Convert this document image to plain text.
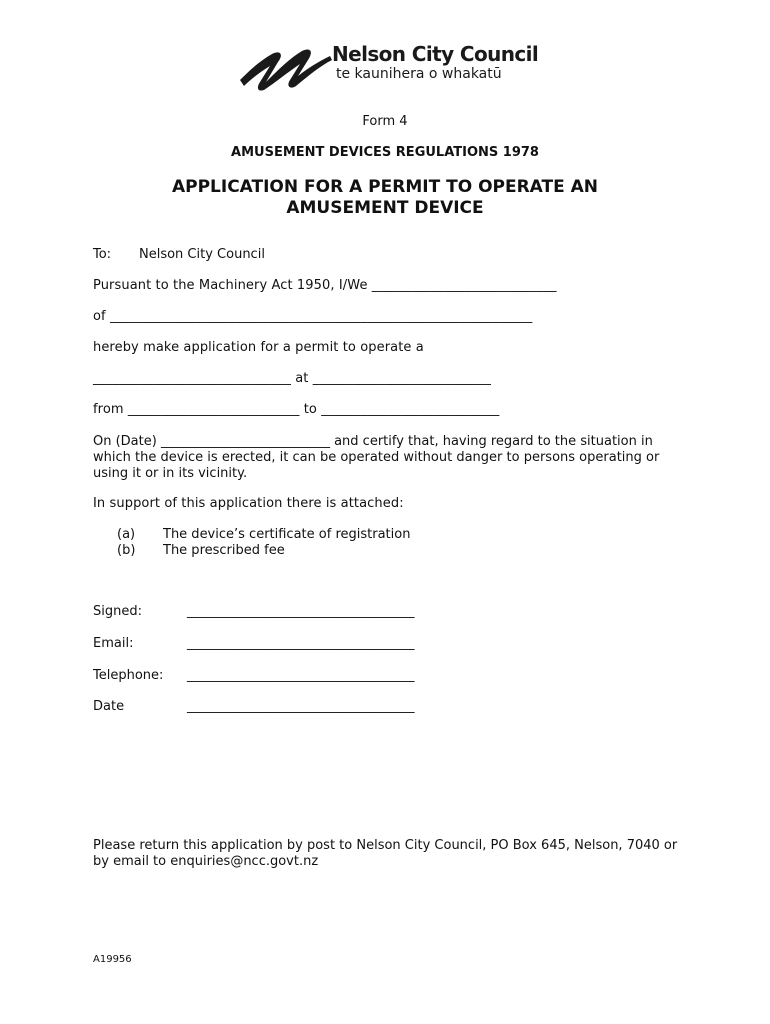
Nelson City Council
te kaunihera o whakatū
Form 4
AMUSEMENT DEVICES REGULATIONS 1978
APPLICATION FOR A PERMIT TO OPERATE AN
AMUSEMENT DEVICE
To: Nelson City Council
Pursuant to the Machinery Act 1950, I/We ____________________________
of ________________________________________________________________
hereby make application for a permit to operate a
______________________________ at ___________________________
from __________________________ to ___________________________
On (Date) __________________________ and certify that, having regard to the situation in which the device is erected, it can be operated without danger to persons operating or using it or in its vicinity.
In support of this application there is attached:
(a) The device’s certificate of registration
(b) The prescribed fee
Signed:	___________________________________
Email:	___________________________________
Telephone: ___________________________________
Date	___________________________________
Please return this application by post to Nelson City Council, PO Box 645, Nelson, 7040 or by email to enquiries@ncc.govt.nz
A19956
